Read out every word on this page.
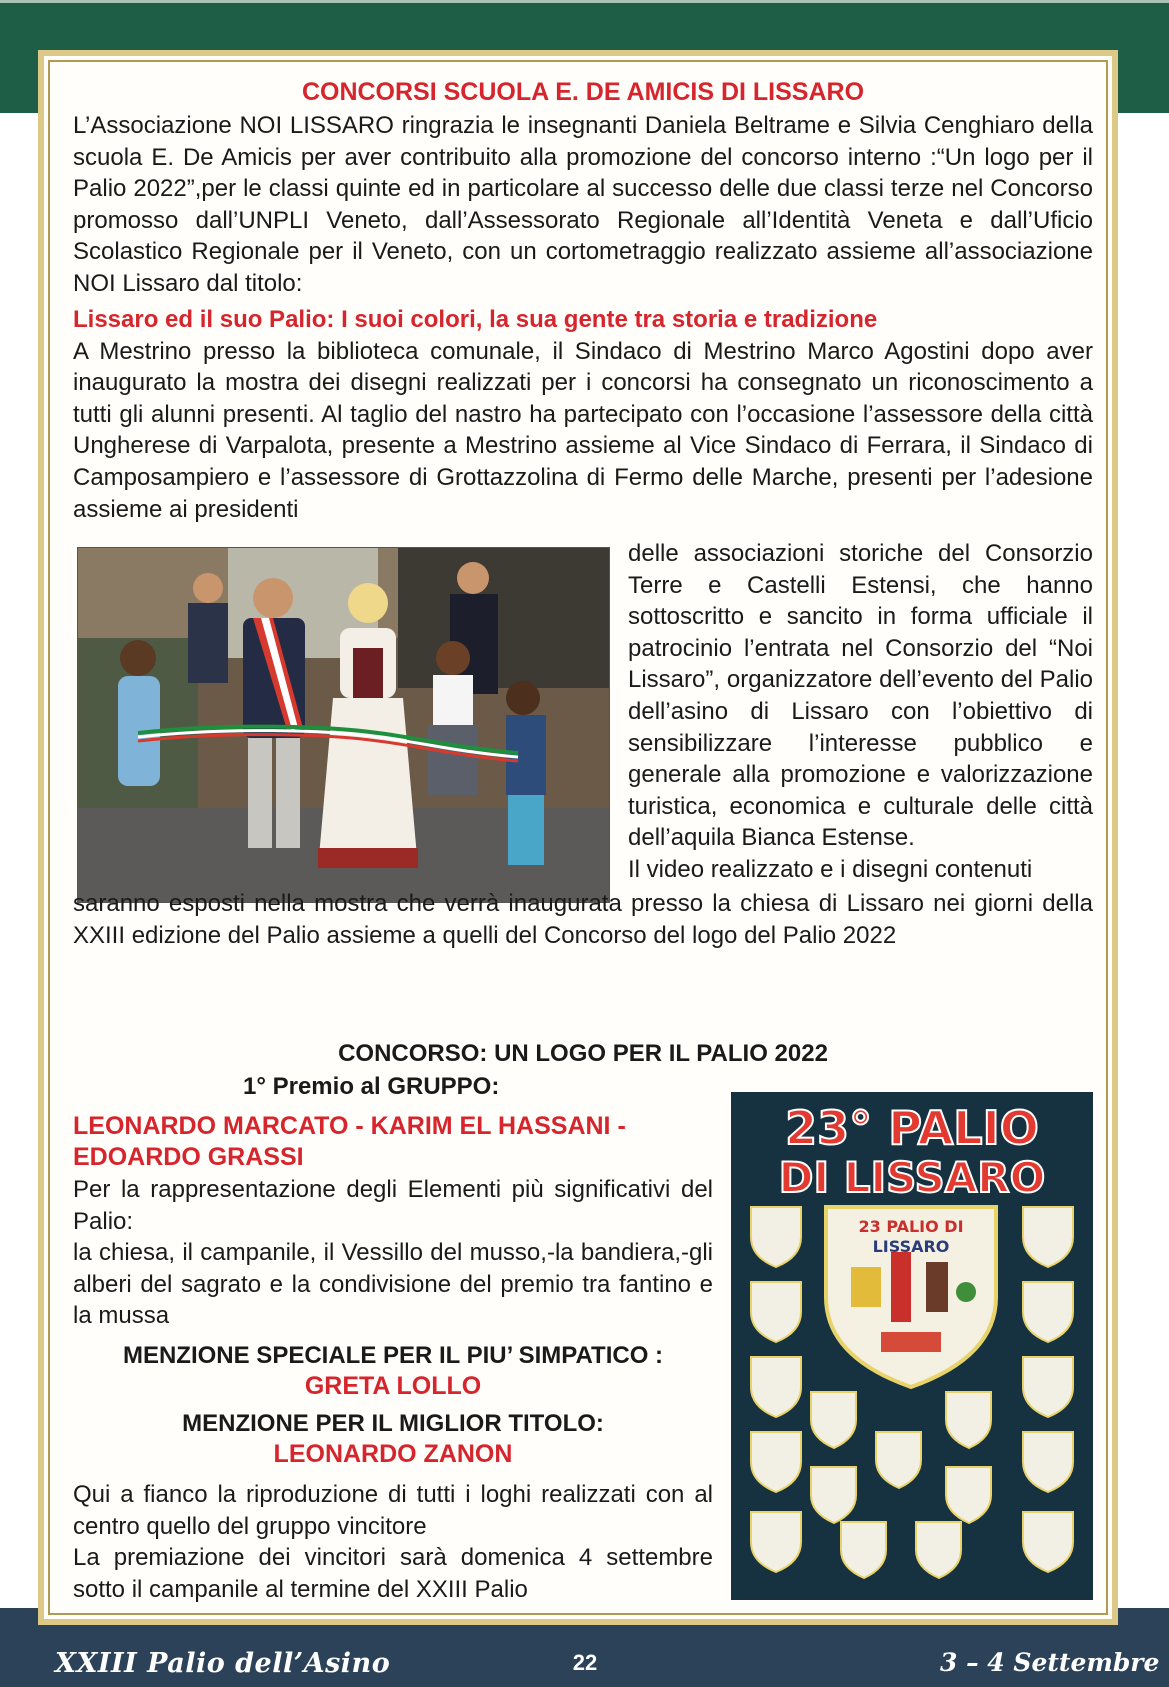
CONCORSI SCUOLA E. DE AMICIS DI LISSARO
L’Associazione NOI LISSARO ringrazia le insegnanti Daniela Beltrame e Silvia Cenghiaro della scuola E. De Amicis per aver contribuito alla promozione del concorso interno :“Un logo per il Palio 2022”,per le classi quinte ed in particolare al successo delle due classi terze nel Concorso promosso dall’UNPLI Veneto, dall’Assessorato Regionale all’Identità Veneta e dall’Uficio Scolastico Regionale per il Veneto, con un cortometraggio realizzato assieme all’associazione NOI Lissaro dal titolo:
Lissaro ed il suo Palio: I suoi colori, la sua gente tra storia e tradizione
A Mestrino presso la biblioteca comunale, il Sindaco di Mestrino Marco Agostini dopo aver inaugurato la mostra dei disegni realizzati per i concorsi ha consegnato un riconoscimento a tutti gli alunni presenti. Al taglio del nastro ha partecipato con l’occasione l’assessore della città Ungherese di Varpalota, presente a Mestrino assieme al Vice Sindaco di Ferrara, il Sindaco di Camposampiero e l’assessore di Grottazzolina di Fermo delle Marche, presenti per l’adesione assieme ai presidenti
delle associazioni storiche del Consorzio Terre e Castelli Estensi, che hanno sottoscritto e sancito in forma ufficiale il patrocinio l’entrata nel Consorzio del “Noi Lissaro”, organizzatore dell’evento del Palio dell’asino di Lissaro con l’obiettivo di sensibilizzare l’interesse pubblico e generale alla promozione e valorizzazione turistica, economica e culturale delle città dell’aquila Bianca Estense.
Il video realizzato e i disegni contenuti
saranno esposti nella mostra che verrà inaugurata presso la chiesa di Lissaro nei giorni della XXIII edizione del Palio assieme a quelli del Concorso del logo del Palio 2022
CONCORSO: UN LOGO PER IL PALIO 2022
1° Premio al GRUPPO:
LEONARDO MARCATO - KARIM EL HASSANI - EDOARDO GRASSI
Per la rappresentazione degli Elementi più significativi del Palio:
la chiesa, il campanile, il Vessillo del musso,-la bandiera,-gli alberi del sagrato e la condivisione del premio tra fantino e la mussa
MENZIONE SPECIALE PER IL PIU’ SIMPATICO :
GRETA LOLLO
MENZIONE PER IL MIGLIOR TITOLO:
LEONARDO ZANON
Qui a fianco la riproduzione di tutti i loghi realizzati con al centro quello del gruppo vincitore
La premiazione dei vincitori sarà domenica 4 settembre sotto il campanile al termine del XXIII Palio
23° PALIO
DI LISSARO
23 PALIO DI
LISSARO
XXIII Palio dell’Asino	22	3 – 4 Settembre
